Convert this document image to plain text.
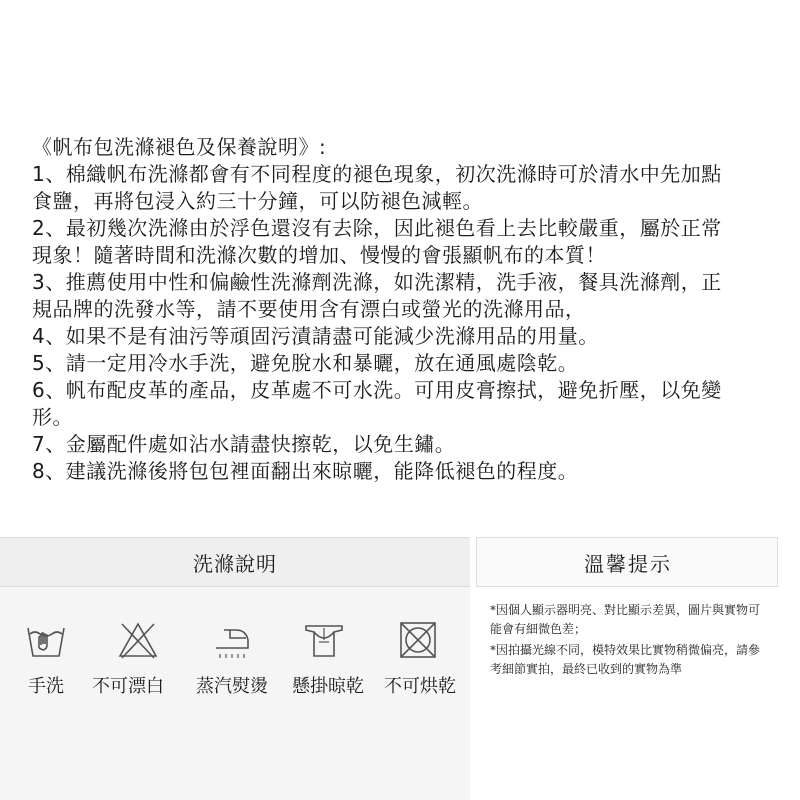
《帆布包洗滌褪色及保養說明》:

1、棉織帆布洗滌都會有不同程度的褪色現象，初次洗滌時可於清水中先加點

食鹽，再將包浸入約三十分鐘，可以防褪色減輕。

2、最初幾次洗滌由於浮色還沒有去除，因此褪色看上去比較嚴重，屬於正常

現象！隨著時間和洗滌次數的增加、慢慢的會張顯帆布的本質！

3、推薦使用中性和偏鹼性洗滌劑洗滌，如洗潔精，洗手液，餐具洗滌劑，正

規品牌的洗發水等，請不要使用含有漂白或螢光的洗滌用品，

4、如果不是有油污等頑固污漬請盡可能減少洗滌用品的用量。

5、請一定用冷水手洗，避免脫水和暴曬，放在通風處陰乾。

6、帆布配皮革的產品，皮革處不可水洗。可用皮膏擦拭，避免折壓，以免變

形。

7、金屬配件處如沾水請盡快擦乾，以免生鏽。

8、建議洗滌後將包包裡面翻出來晾曬，能降低褪色的程度。

洗滌說明
手洗	不可漂白	蒸汽熨燙	懸掛晾乾	不可烘乾
溫馨提示

*因個人顯示器明亮、對比顯示差異，圖片與實物可能會有細微色差；

*因拍攝光線不同，模特效果比實物稍微偏亮，請參考細節實拍，最終已收到的實物為準
